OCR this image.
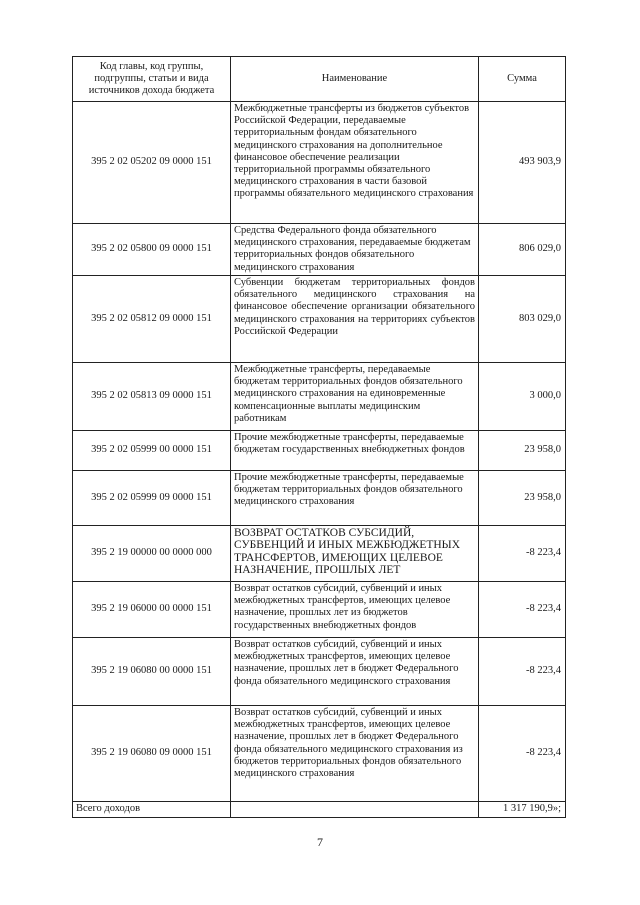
Код главы, код группы, подгруппы, статьи и вида источников дохода бюджета	Наименование	Сумма
395 2 02 05202 09 0000 151	Межбюджетные трансферты из бюджетов субъектов Российской Федерации, передаваемые территориальным фондам обязательного медицинского страхования на дополнительное финансовое обеспечение реализации территориальной программы обязательного медицинского страхования в части базовой программы обязательного медицинского страхования	493 903,9
395 2 02 05800 09 0000 151	Средства Федерального фонда обязательного медицинского страхования, передаваемые бюджетам территориальных фондов обязательного медицинского страхования	806 029,0
395 2 02 05812 09 0000 151	Субвенции бюджетам территориальных фондов обязательного медицинского страхования на финансовое обеспечение организации обязательного медицинского страхования на территориях субъектов Российской Федерации	803 029,0
395 2 02 05813 09 0000 151	Межбюджетные трансферты, передаваемые бюджетам территориальных фондов обязательного медицинского страхования на единовременные компенсационные выплаты медицинским работникам	3 000,0
395 2 02 05999 00 0000 151	Прочие межбюджетные трансферты, передаваемые бюджетам государственных внебюджетных фондов	23 958,0
395 2 02 05999 09 0000 151	Прочие межбюджетные трансферты, передаваемые бюджетам территориальных фондов обязательного медицинского страхования	23 958,0
395 2 19 00000 00 0000 000	ВОЗВРАТ ОСТАТКОВ СУБСИДИЙ, СУБВЕНЦИЙ И ИНЫХ МЕЖБЮДЖЕТНЫХ ТРАНСФЕРТОВ, ИМЕЮЩИХ ЦЕЛЕВОЕ НАЗНАЧЕНИЕ, ПРОШЛЫХ ЛЕТ	-8 223,4
395 2 19 06000 00 0000 151	Возврат остатков субсидий, субвенций и иных межбюджетных трансфертов, имеющих целевое назначение, прошлых лет из бюджетов государственных внебюджетных фондов	-8 223,4
395 2 19 06080 00 0000 151	Возврат остатков субсидий, субвенций и иных межбюджетных трансфертов, имеющих целевое назначение, прошлых лет в бюджет Федерального фонда обязательного медицинского страхования	-8 223,4
395 2 19 06080 09 0000 151	Возврат остатков субсидий, субвенций и иных межбюджетных трансфертов, имеющих целевое назначение, прошлых лет в бюджет Федерального фонда обязательного медицинского страхования из бюджетов территориальных фондов обязательного медицинского страхования	-8 223,4
Всего доходов		1 317 190,9»;
7
